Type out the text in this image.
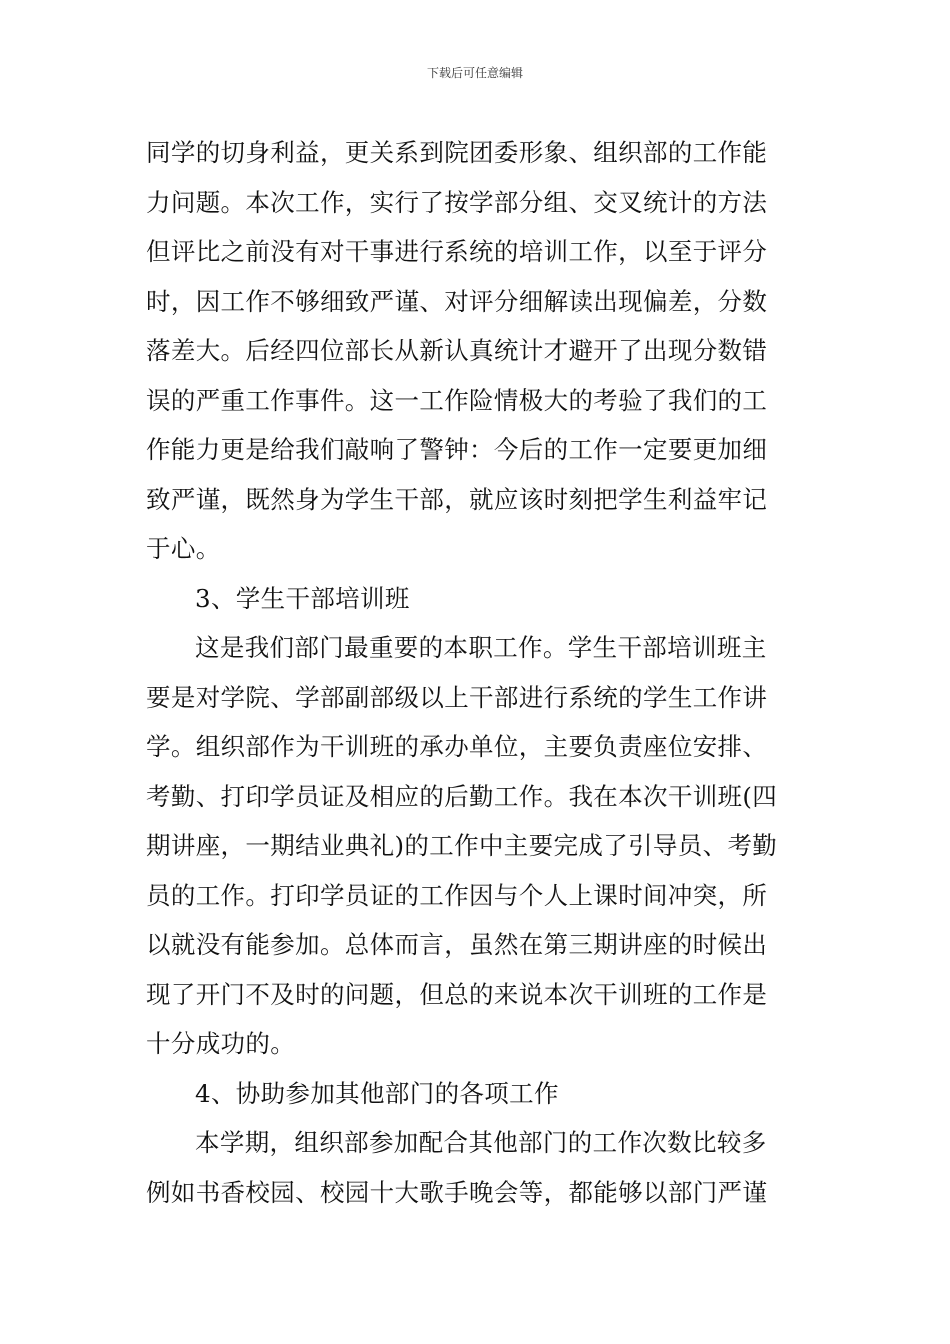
下载后可任意编辑
同学的切身利益，更关系到院团委形象、组织部的工作能
力问题。本次工作，实行了按学部分组、交叉统计的方法
但评比之前没有对干事进行系统的培训工作，以至于评分
时，因工作不够细致严谨、对评分细解读出现偏差，分数
落差大。后经四位部长从新认真统计才避开了出现分数错
误的严重工作事件。这一工作险情极大的考验了我们的工
作能力更是给我们敲响了警钟：今后的工作一定要更加细
致严谨，既然身为学生干部，就应该时刻把学生利益牢记
于心。
3、学生干部培训班
这是我们部门最重要的本职工作。学生干部培训班主
要是对学院、学部副部级以上干部进行系统的学生工作讲
学。组织部作为干训班的承办单位，主要负责座位安排、
考勤、打印学员证及相应的后勤工作。我在本次干训班(四
期讲座，一期结业典礼)的工作中主要完成了引导员、考勤
员的工作。打印学员证的工作因与个人上课时间冲突，所
以就没有能参加。总体而言，虽然在第三期讲座的时候出
现了开门不及时的问题，但总的来说本次干训班的工作是
十分成功的。
4、协助参加其他部门的各项工作
本学期，组织部参加配合其他部门的工作次数比较多
例如书香校园、校园十大歌手晚会等，都能够以部门严谨
